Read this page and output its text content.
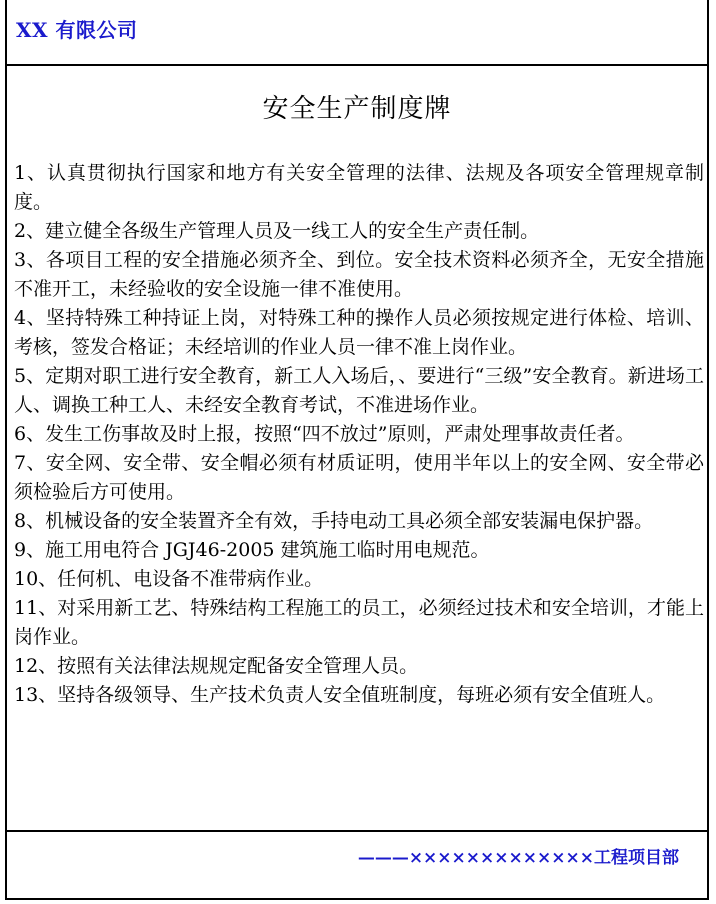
XX 有限公司
安全生产制度牌
1、认真贯彻执行国家和地方有关安全管理的法律、法规及各项安全管理规章制度。
2、建立健全各级生产管理人员及一线工人的安全生产责任制。
3、各项目工程的安全措施必须齐全、到位。安全技术资料必须齐全，无安全措施不准开工，未经验收的安全设施一律不准使用。
4、坚持特殊工种持证上岗，对特殊工种的操作人员必须按规定进行体检、培训、考核，签发合格证；未经培训的作业人员一律不准上岗作业。
5、定期对职工进行安全教育，新工人入场后，、要进行“三级”安全教育。新进场工人、调换工种工人、未经安全教育考试，不准进场作业。
6、发生工伤事故及时上报，按照“四不放过”原则，严肃处理事故责任者。
7、安全网、安全带、安全帽必须有材质证明，使用半年以上的安全网、安全带必须检验后方可使用。
8、机械设备的安全装置齐全有效，手持电动工具必须全部安装漏电保护器。
9、施工用电符合 JGJ46-2005 建筑施工临时用电规范。
10、任何机、电设备不准带病作业。
11、对采用新工艺、特殊结构工程施工的员工，必须经过技术和安全培训，才能上岗作业。
12、按照有关法律法规规定配备安全管理人员。
13、坚持各级领导、生产技术负责人安全值班制度，每班必须有安全值班人。
———×××××××××××××工程项目部
